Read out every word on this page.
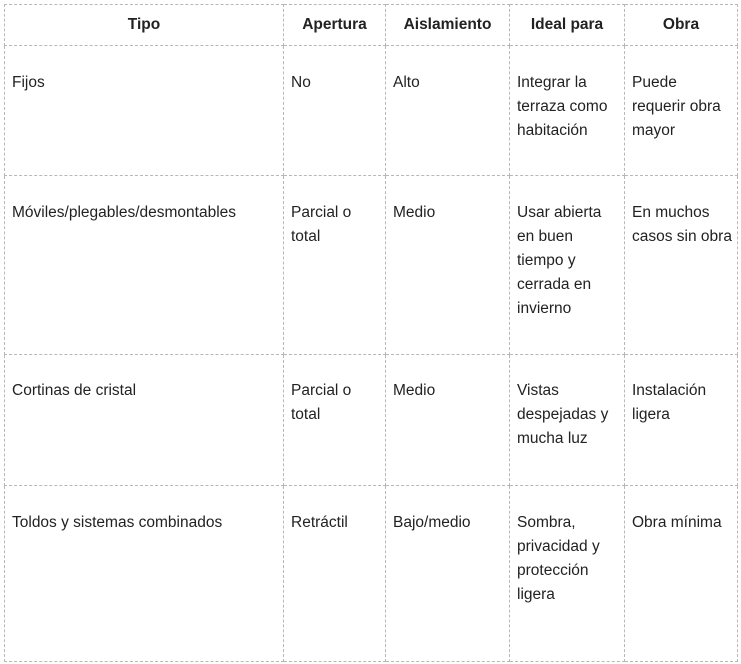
Tipo	Apertura	Aislamiento	Ideal para	Obra
Fijos	No	Alto	Integrar la terraza como habitación	Puede requerir obra mayor
Móviles/plegables/desmontables	Parcial o total	Medio	Usar abierta en buen tiempo y cerrada en invierno	En muchos casos sin obra
Cortinas de cristal	Parcial o total	Medio	Vistas despejadas y mucha luz	Instalación ligera
Toldos y sistemas combinados	Retráctil	Bajo/medio	Sombra, privacidad y protección ligera	Obra mínima
